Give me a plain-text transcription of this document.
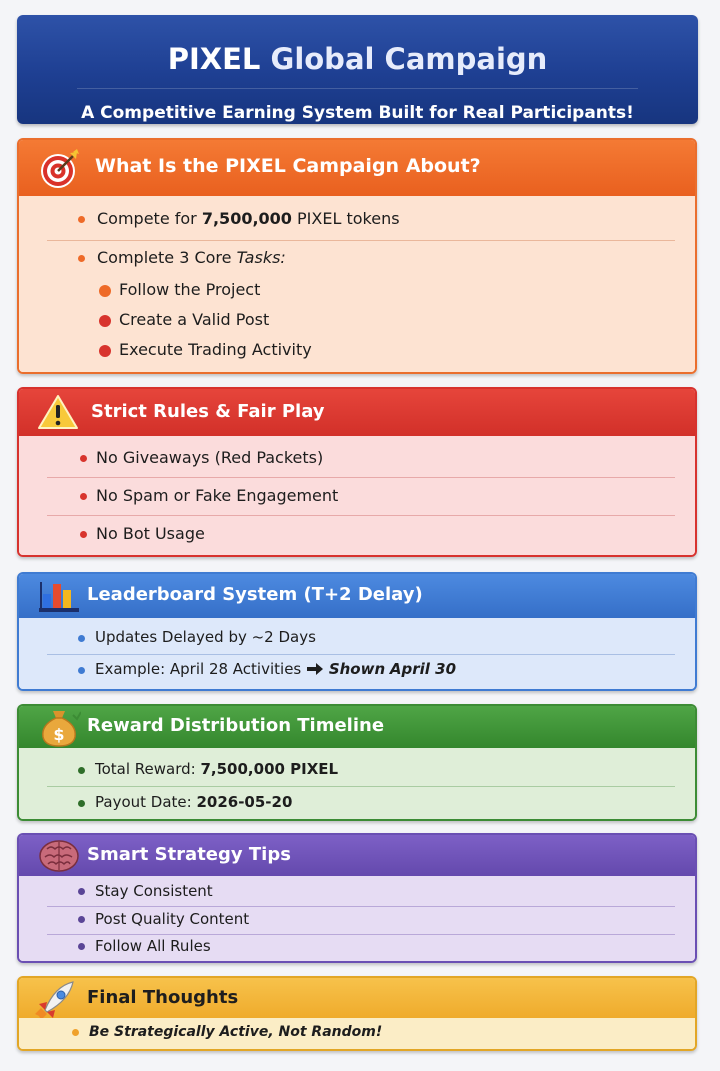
PIXEL Global Campaign
A Competitive Earning System Built for Real Participants!
What Is the PIXEL Campaign About?
Compete for 7,500,000 PIXEL tokens
Complete 3 Core Tasks:
Follow the Project
Create a Valid Post
Execute Trading Activity
Strict Rules & Fair Play
No Giveaways (Red Packets)
No Spam or Fake Engagement
No Bot Usage
Leaderboard System (T+2 Delay)
Updates Delayed by ~2 Days
Example: April 28 Activities Shown April 30
$ Reward Distribution Timeline
Total Reward: 7,500,000 PIXEL
Payout Date: 2026-05-20
Smart Strategy Tips
Stay Consistent
Post Quality Content
Follow All Rules
Final Thoughts
Be Strategically Active, Not Random!
